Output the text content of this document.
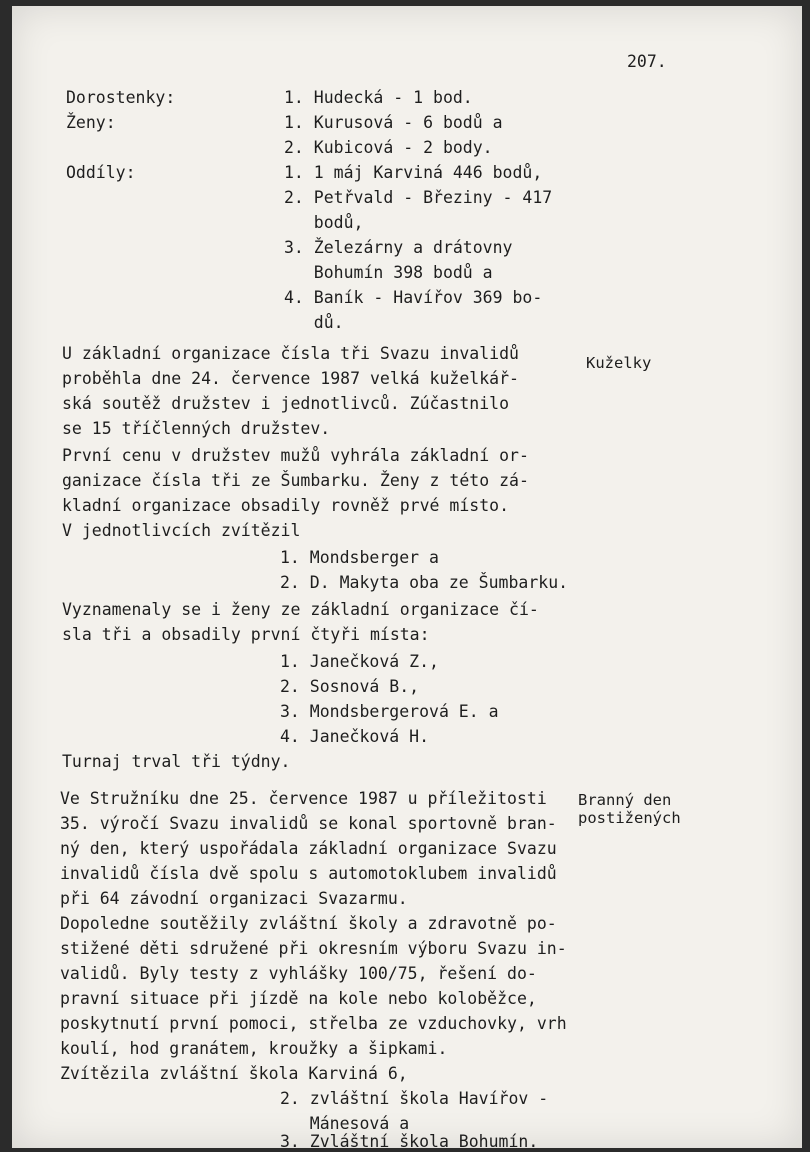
207.
Dorostenky:	1. Hudecká - 1 bod.
Ženy:	1. Kurusová - 6 bodů a
2. Kubicová - 2 body.
Oddíly:	1. 1 máj Karviná 446 bodů,
2. Petřvald - Březiny - 417
bodů,
3. Železárny a drátovny
Bohumín 398 bodů a
4. Baník - Havířov 369 bo-
dů.
Kuželky
U základní organizace čísla tři Svazu invalidů
proběhla dne 24. července 1987 velká kuželkář-
ská soutěž družstev i jednotlivců. Zúčastnilo
se 15 tříčlenných družstev.
První cenu v družstev mužů vyhrála základní or-
ganizace čísla tři ze Šumbarku. Ženy z této zá-
kladní organizace obsadily rovněž prvé místo.
V jednotlivcích zvítězil
1. Mondsberger a
2. D. Makyta oba ze Šumbarku.
Vyznamenaly se i ženy ze základní organizace čí-
sla tři a obsadily první čtyři místa:
1. Janečková Z.,
2. Sosnová B.,
3. Mondsbergerová E. a
4. Janečková H.
Turnaj trval tři týdny.
Branný den
postižených
Ve Stružníku dne 25. července 1987 u příležitosti
35. výročí Svazu invalidů se konal sportovně bran-
ný den, který uspořádala základní organizace Svazu
invalidů čísla dvě spolu s automotoklubem invalidů
při 64 závodní organizaci Svazarmu.
Dopoledne soutěžily zvláštní školy a zdravotně po-
stižené děti sdružené při okresním výboru Svazu in-
validů. Byly testy z vyhlášky 100/75, řešení do-
pravní situace při jízdě na kole nebo koloběžce,
poskytnutí první pomoci, střelba ze vzduchovky, vrh
koulí, hod granátem, kroužky a šipkami.
Zvítězila zvláštní škola Karviná 6,
2. zvláštní škola Havířov -
Mánesová a
3. Zvláštní škola Bohumín.
